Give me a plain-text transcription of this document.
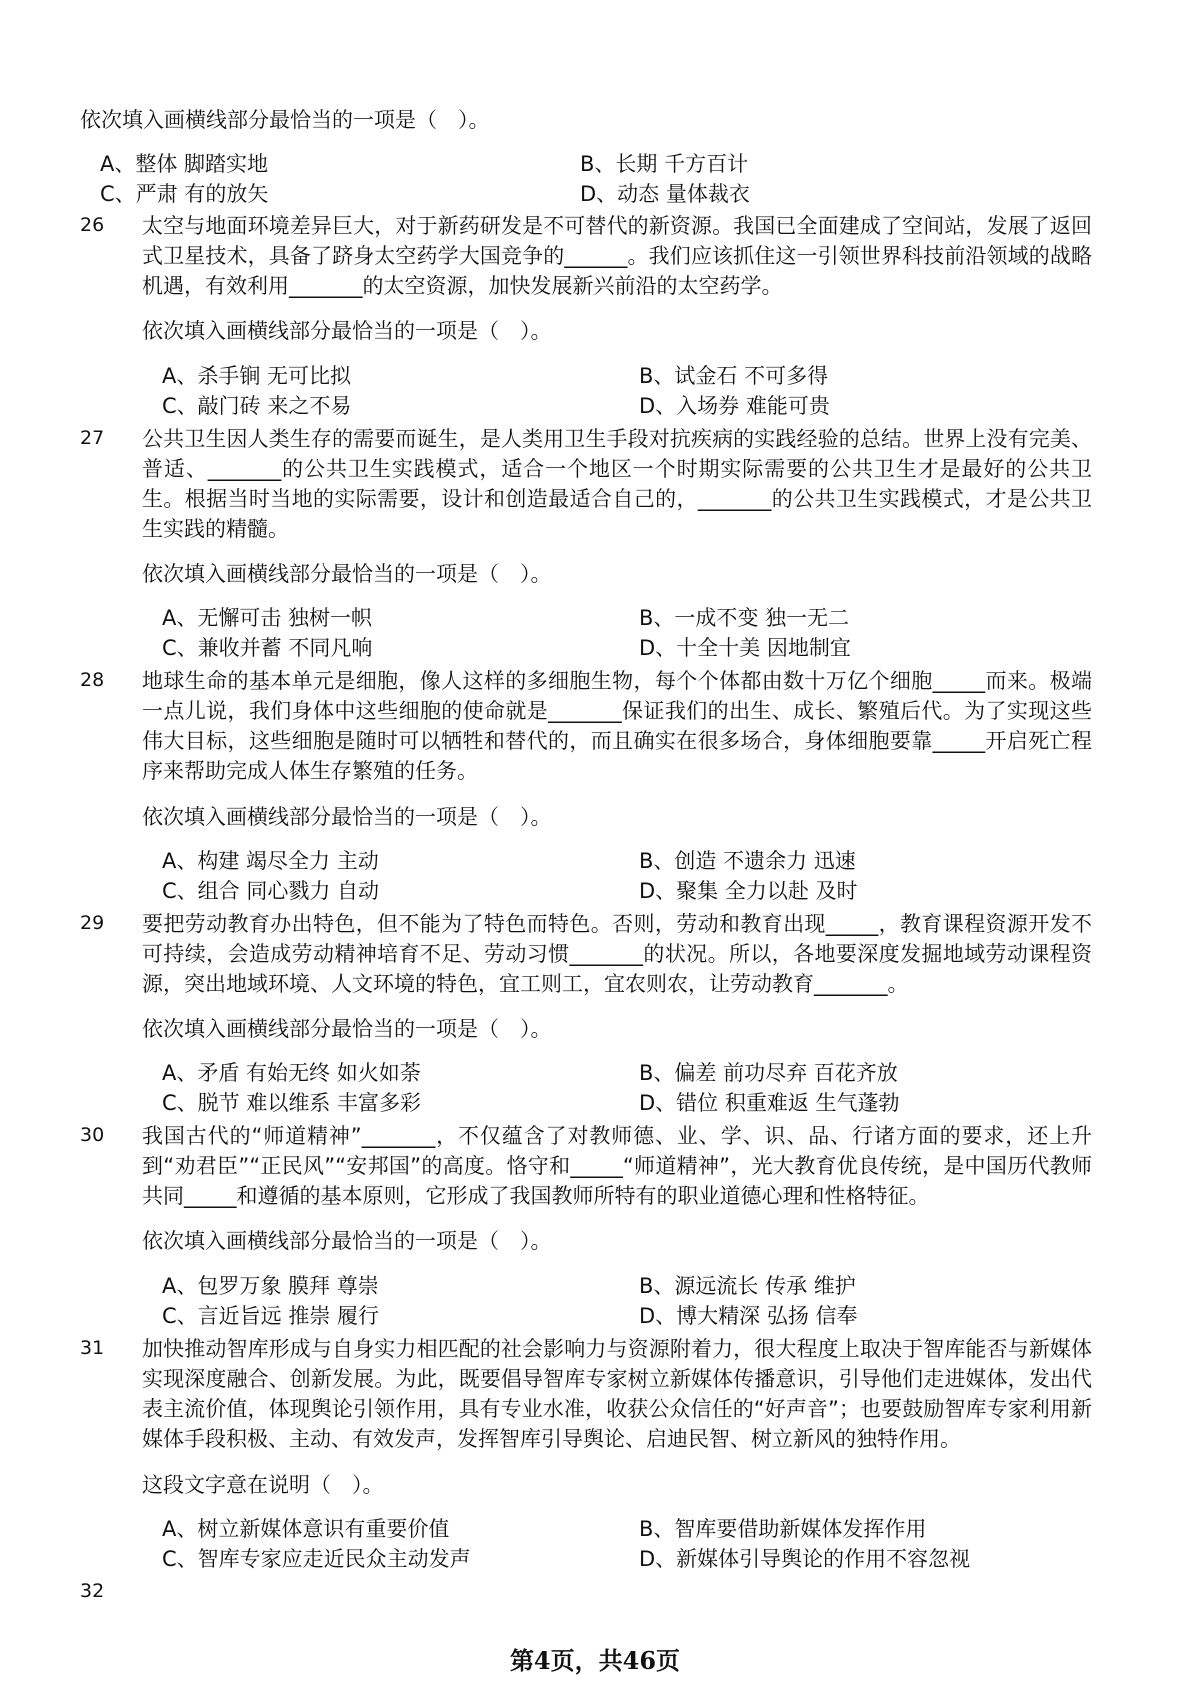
依次填入画横线部分最恰当的一项是（　）。
A、整体 脚踏实地	B、长期 千方百计
C、严肃 有的放矢	D、动态 量体裁衣
26 太空与地面环境差异巨大，对于新药研发是不可替代的新资源。我国已全面建成了空间站，发展了返回式卫星技术，具备了跻身太空药学大国竞争的______。我们应该抓住这一引领世界科技前沿领域的战略机遇，有效利用_______的太空资源，加快发展新兴前沿的太空药学。
依次填入画横线部分最恰当的一项是（　）。
A、杀手锏 无可比拟	B、试金石 不可多得
C、敲门砖 来之不易	D、入场券 难能可贵
27 公共卫生因人类生存的需要而诞生，是人类用卫生手段对抗疾病的实践经验的总结。世界上没有完美、普适、_______的公共卫生实践模式，适合一个地区一个时期实际需要的公共卫生才是最好的公共卫生。根据当时当地的实际需要，设计和创造最适合自己的，_______的公共卫生实践模式，才是公共卫生实践的精髓。
依次填入画横线部分最恰当的一项是（　）。
A、无懈可击 独树一帜	B、一成不变 独一无二
C、兼收并蓄 不同凡响	D、十全十美 因地制宜
28 地球生命的基本单元是细胞，像人这样的多细胞生物，每个个体都由数十万亿个细胞_____而来。极端一点儿说，我们身体中这些细胞的使命就是_______保证我们的出生、成长、繁殖后代。为了实现这些伟大目标，这些细胞是随时可以牺牲和替代的，而且确实在很多场合，身体细胞要靠_____开启死亡程序来帮助完成人体生存繁殖的任务。
依次填入画横线部分最恰当的一项是（　）。
A、构建 竭尽全力 主动	B、创造 不遗余力 迅速
C、组合 同心戮力 自动	D、聚集 全力以赴 及时
29 要把劳动教育办出特色，但不能为了特色而特色。否则，劳动和教育出现_____，教育课程资源开发不可持续，会造成劳动精神培育不足、劳动习惯_______的状况。所以，各地要深度发掘地域劳动课程资源，突出地域环境、人文环境的特色，宜工则工，宜农则农，让劳动教育_______。
依次填入画横线部分最恰当的一项是（　）。
A、矛盾 有始无终 如火如荼	B、偏差 前功尽弃 百花齐放
C、脱节 难以维系 丰富多彩	D、错位 积重难返 生气蓬勃
30 我国古代的“师道精神”_______，不仅蕴含了对教师德、业、学、识、品、行诸方面的要求，还上升到“劝君臣”“正民风”“安邦国”的高度。恪守和_____“师道精神”，光大教育优良传统，是中国历代教师共同_____和遵循的基本原则，它形成了我国教师所特有的职业道德心理和性格特征。
依次填入画横线部分最恰当的一项是（　）。
A、包罗万象 膜拜 尊崇	B、源远流长 传承 维护
C、言近旨远 推崇 履行	D、博大精深 弘扬 信奉
31 加快推动智库形成与自身实力相匹配的社会影响力与资源附着力，很大程度上取决于智库能否与新媒体实现深度融合、创新发展。为此，既要倡导智库专家树立新媒体传播意识，引导他们走进媒体，发出代表主流价值，体现舆论引领作用，具有专业水准，收获公众信任的“好声音”；也要鼓励智库专家利用新媒体手段积极、主动、有效发声，发挥智库引导舆论、启迪民智、树立新风的独特作用。
这段文字意在说明（　）。
A、树立新媒体意识有重要价值	B、智库要借助新媒体发挥作用
C、智库专家应走近民众主动发声	D、新媒体引导舆论的作用不容忽视
32
第4页，共46页
